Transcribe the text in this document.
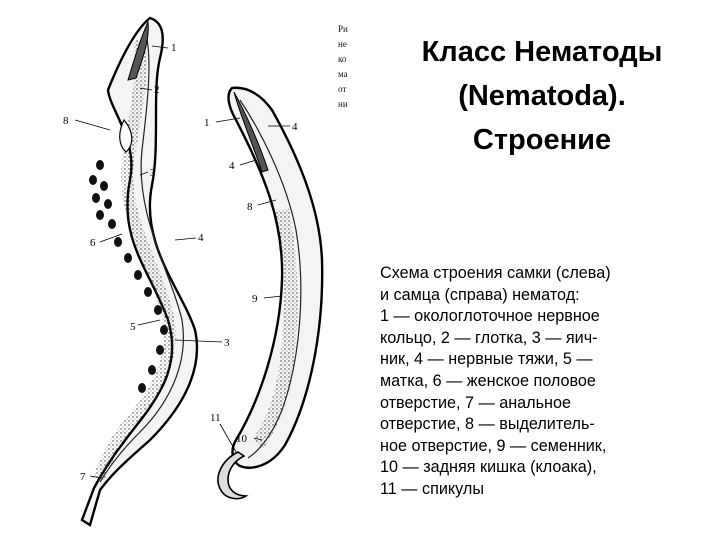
1
2
8
3
4
6
5
3
7
1	4
4
8
9
11
10
Ри
не
ко
ма
от
ни
Класс Нематоды
(Nematoda).
Строение
Схема строения самки (слева)
и самца (справа) нематод:
1 — окологлоточное нервное
кольцо, 2 — глотка, 3 — яич-
ник, 4 — нервные тяжи, 5 —
матка, 6 — женское половое
отверстие, 7 — анальное
отверстие, 8 — выделитель-
ное отверстие, 9 — семенник,
10 — задняя кишка (клоака),
11 — спикулы
